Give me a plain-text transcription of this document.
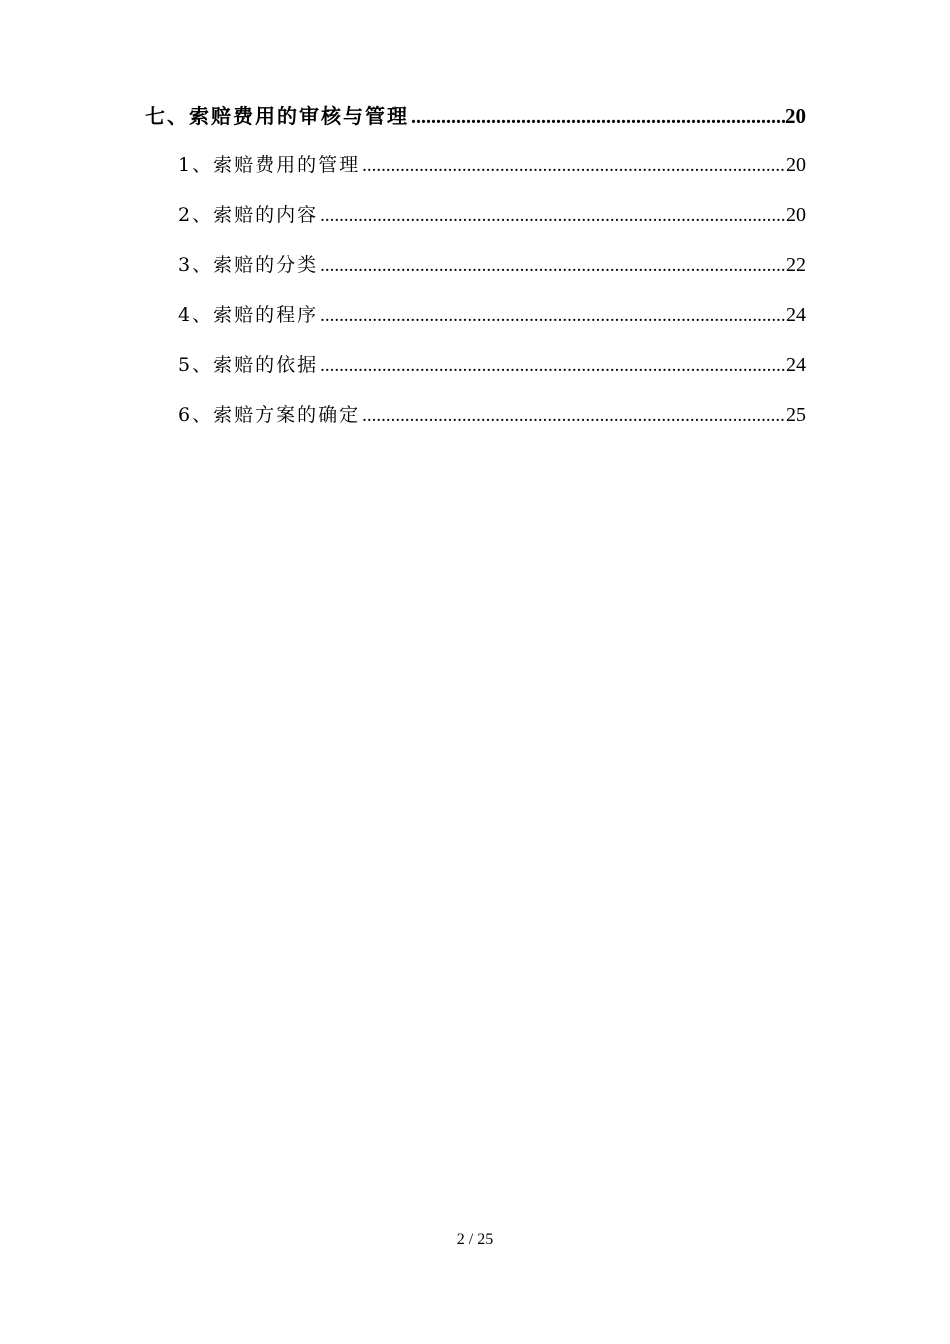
七、索赔费用的审核与管理 .....	20
1、索赔费用的管理 .....	20
2、索赔的内容 .....	20
3、索赔的分类 .....	22
4、索赔的程序 .....	24
5、索赔的依据 .....	24
6、索赔方案的确定 .....	25
2 / 25
